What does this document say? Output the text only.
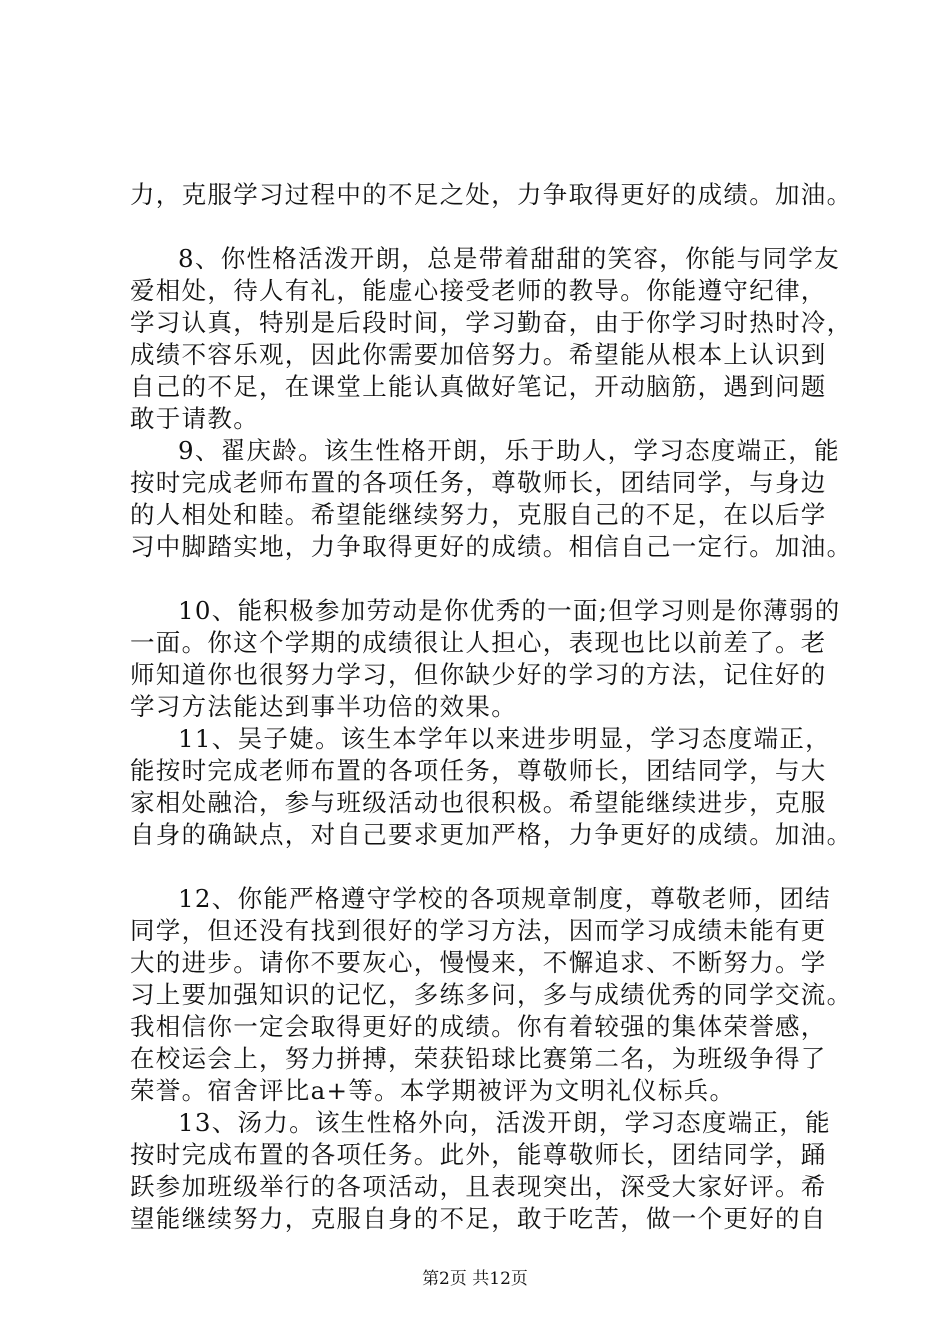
力，克服学习过程中的不足之处，力争取得更好的成绩。加油。
8、你性格活泼开朗，总是带着甜甜的笑容，你能与同学友
爱相处，待人有礼，能虚心接受老师的教导。你能遵守纪律，
学习认真，特别是后段时间，学习勤奋，由于你学习时热时冷，
成绩不容乐观，因此你需要加倍努力。希望能从根本上认识到
自己的不足，在课堂上能认真做好笔记，开动脑筋，遇到问题
敢于请教。
9、翟庆龄。该生性格开朗，乐于助人，学习态度端正，能
按时完成老师布置的各项任务，尊敬师长，团结同学，与身边
的人相处和睦。希望能继续努力，克服自己的不足，在以后学
习中脚踏实地，力争取得更好的成绩。相信自己一定行。加油。
10、能积极参加劳动是你优秀的一面;但学习则是你薄弱的
一面。你这个学期的成绩很让人担心，表现也比以前差了。老
师知道你也很努力学习，但你缺少好的学习的方法，记住好的
学习方法能达到事半功倍的效果。
11、吴子婕。该生本学年以来进步明显，学习态度端正，
能按时完成老师布置的各项任务，尊敬师长，团结同学，与大
家相处融洽，参与班级活动也很积极。希望能继续进步，克服
自身的确缺点，对自己要求更加严格，力争更好的成绩。加油。
12、你能严格遵守学校的各项规章制度，尊敬老师，团结
同学，但还没有找到很好的学习方法，因而学习成绩未能有更
大的进步。请你不要灰心，慢慢来，不懈追求、不断努力。学
习上要加强知识的记忆，多练多问，多与成绩优秀的同学交流。
我相信你一定会取得更好的成绩。你有着较强的集体荣誉感，
在校运会上，努力拼搏，荣获铅球比赛第二名，为班级争得了
荣誉。宿舍评比a+等。本学期被评为文明礼仪标兵。
13、汤力。该生性格外向，活泼开朗，学习态度端正，能
按时完成布置的各项任务。此外，能尊敬师长，团结同学，踊
跃参加班级举行的各项活动，且表现突出，深受大家好评。希
望能继续努力，克服自身的不足，敢于吃苦，做一个更好的自
第2页 共12页
